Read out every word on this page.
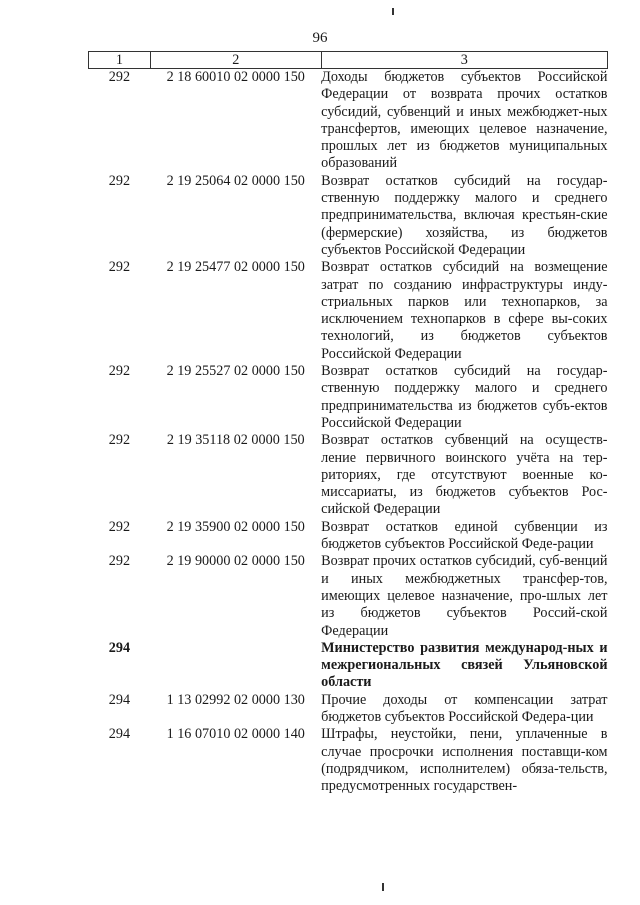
96
1	2	3
292	2 18 60010 02 0000 150	Доходы бюджетов субъектов Российской Федерации от возврата прочих остатков субсидий, субвенций и иных межбюджет-ных трансфертов, имеющих целевое назначение, прошлых лет из бюджетов муниципальных образований
292	2 19 25064 02 0000 150	Возврат остатков субсидий на государ-ственную поддержку малого и среднего предпринимательства, включая крестьян-ские (фермерские) хозяйства, из бюджетов субъектов Российской Федерации
292	2 19 25477 02 0000 150	Возврат остатков субсидий на возмещение затрат по созданию инфраструктуры инду-стриальных парков или технопарков, за исключением технопарков в сфере вы-соких технологий, из бюджетов субъектов Российской Федерации
292	2 19 25527 02 0000 150	Возврат остатков субсидий на государ-ственную поддержку малого и среднего предпринимательства из бюджетов субъ-ектов Российской Федерации
292	2 19 35118 02 0000 150	Возврат остатков субвенций на осуществ-ление первичного воинского учёта на тер-риториях, где отсутствуют военные ко-миссариаты, из бюджетов субъектов Рос-сийской Федерации
292	2 19 35900 02 0000 150	Возврат остатков единой субвенции из бюджетов субъектов Российской Феде-рации
292	2 19 90000 02 0000 150	Возврат прочих остатков субсидий, суб-венций и иных межбюджетных трансфер-тов, имеющих целевое назначение, про-шлых лет из бюджетов субъектов Россий-ской Федерации
294		Министерство развития международ-ных и межрегиональных связей Ульяновской области
294	1 13 02992 02 0000 130	Прочие доходы от компенсации затрат бюджетов субъектов Российской Федера-ции
294	1 16 07010 02 0000 140	Штрафы, неустойки, пени, уплаченные в случае просрочки исполнения поставщи-ком (подрядчиком, исполнителем) обяза-тельств, предусмотренных государствен-
